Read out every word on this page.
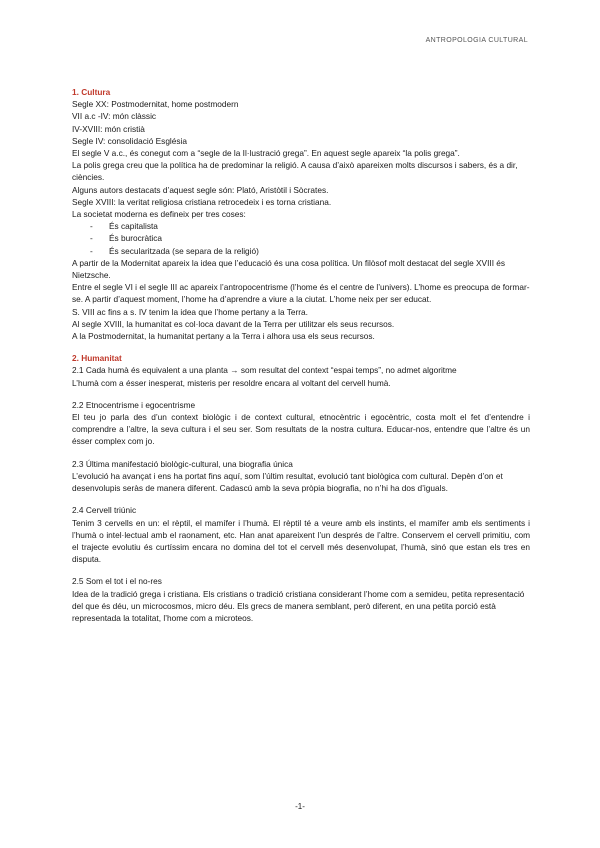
ANTROPOLOGIA CULTURAL

1. Cultura

Segle XX: Postmodernitat, home postmodern

VII a.c -IV: món clàssic

IV-XVIII: món cristià

Segle IV: consolidació Església

El segle V a.c., és conegut com a “segle de la Il·lustració grega”. En aquest segle apareix “la polis grega”.

La polis grega creu que la política ha de predominar la religió. A causa d’això apareixen molts discursos i sabers, és a dir, ciències.

Alguns autors destacats d’aquest segle són: Plató, Aristòtil i Sòcrates.

Segle XVIII: la veritat religiosa cristiana retrocedeix i es torna cristiana.

La societat moderna es defineix per tres coses:

- És capitalista
- És burocràtica
- És secularitzada (se separa de la religió)

A partir de la Modernitat apareix la idea que l’educació és una cosa política. Un filòsof molt destacat del segle XVIII és Nietzsche.

Entre el segle VI i el segle III ac apareix l’antropocentrisme (l’home és el centre de l’univers). L’home es preocupa de formar-se. A partir d’aquest moment, l’home ha d’aprendre a viure a la ciutat. L’home neix per ser educat.

S. VIII ac fins a s. IV tenim la idea que l’home pertany a la Terra.

Al segle XVIII, la humanitat es col·loca davant de la Terra per utilitzar els seus recursos.

A la Postmodernitat, la humanitat pertany a la Terra i alhora usa els seus recursos.

2. Humanitat

2.1 Cada humà és equivalent a una planta → som resultat del context “espai temps”, no admet algoritme

L’humà com a ésser inesperat, misteris per resoldre encara al voltant del cervell humà.

2.2 Etnocentrisme i egocentrisme

El teu jo parla des d’un context biològic i de context cultural, etnocèntric i egocèntric, costa molt el fet d’entendre i comprendre a l’altre, la seva cultura i el seu ser. Som resultats de la nostra cultura. Educar-nos, entendre que l’altre és un ésser complex com jo.

2.3 Última manifestació biològic-cultural, una biografia única

L’evolució ha avançat i ens ha portat fins aquí, som l’últim resultat, evolució tant biològica com cultural. Depèn d’on et desenvolupis seràs de manera diferent. Cadascú amb la seva pròpia biografia, no n’hi ha dos d’iguals.

2.4 Cervell triúnic

Tenim 3 cervells en un: el rèptil, el mamífer i l’humà. El rèptil té a veure amb els instints, el mamífer amb els sentiments i l’humà o intel·lectual amb el raonament, etc. Han anat apareixent l’un després de l’altre. Conservem el cervell primitiu, com el trajecte evolutiu és curtíssim encara no domina del tot el cervell més desenvolupat, l’humà, sinó que estan els tres en disputa.

2.5 Som el tot i el no-res

Idea de la tradició grega i cristiana. Els cristians o tradició cristiana considerant l’home com a semideu, petita representació del que és déu, un microcosmos, micro déu. Els grecs de manera semblant, però diferent, en una petita porció està representada la totalitat, l’home com a microteos.

-1-
